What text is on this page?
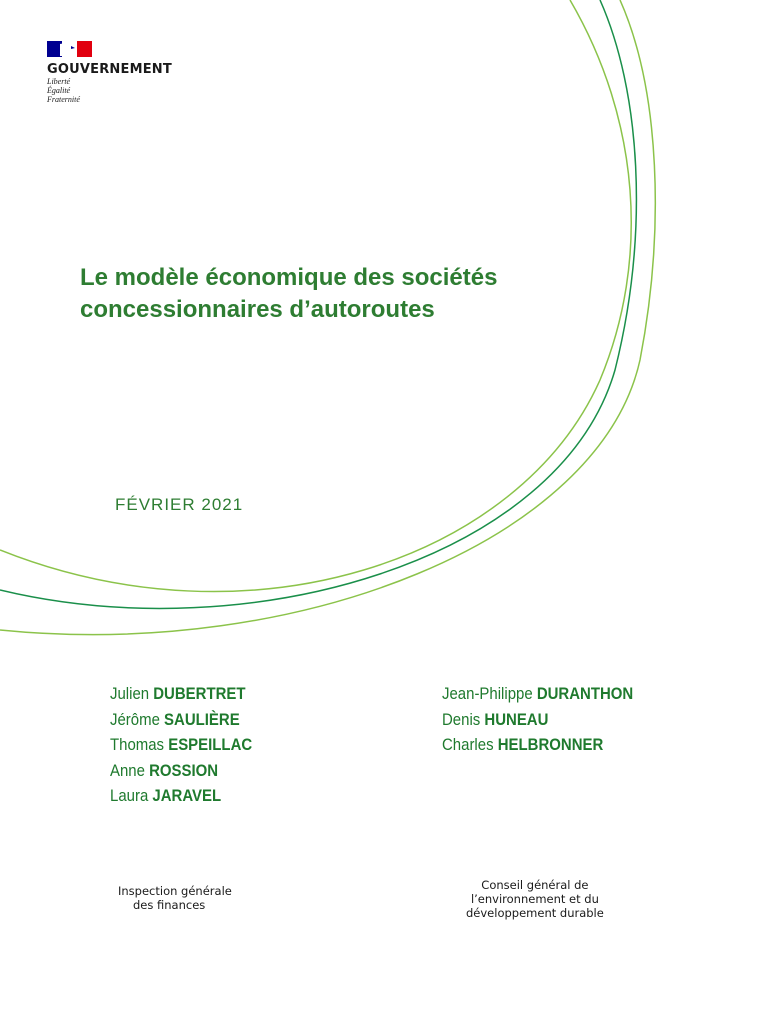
GOUVERNEMENT
Liberté
Égalité
Fraternité
Le modèle économique des sociétés
concessionnaires d’autoroutes
FÉVRIER 2021
Julien DUBERTRET
Jérôme SAULIÈRE
Thomas ESPEILLAC
Anne ROSSION
Laura JARAVEL
Jean-Philippe DURANTHON
Denis HUNEAU
Charles HELBRONNER

Inspection générale
des finances

Conseil général de
l’environnement et du
développement durable
